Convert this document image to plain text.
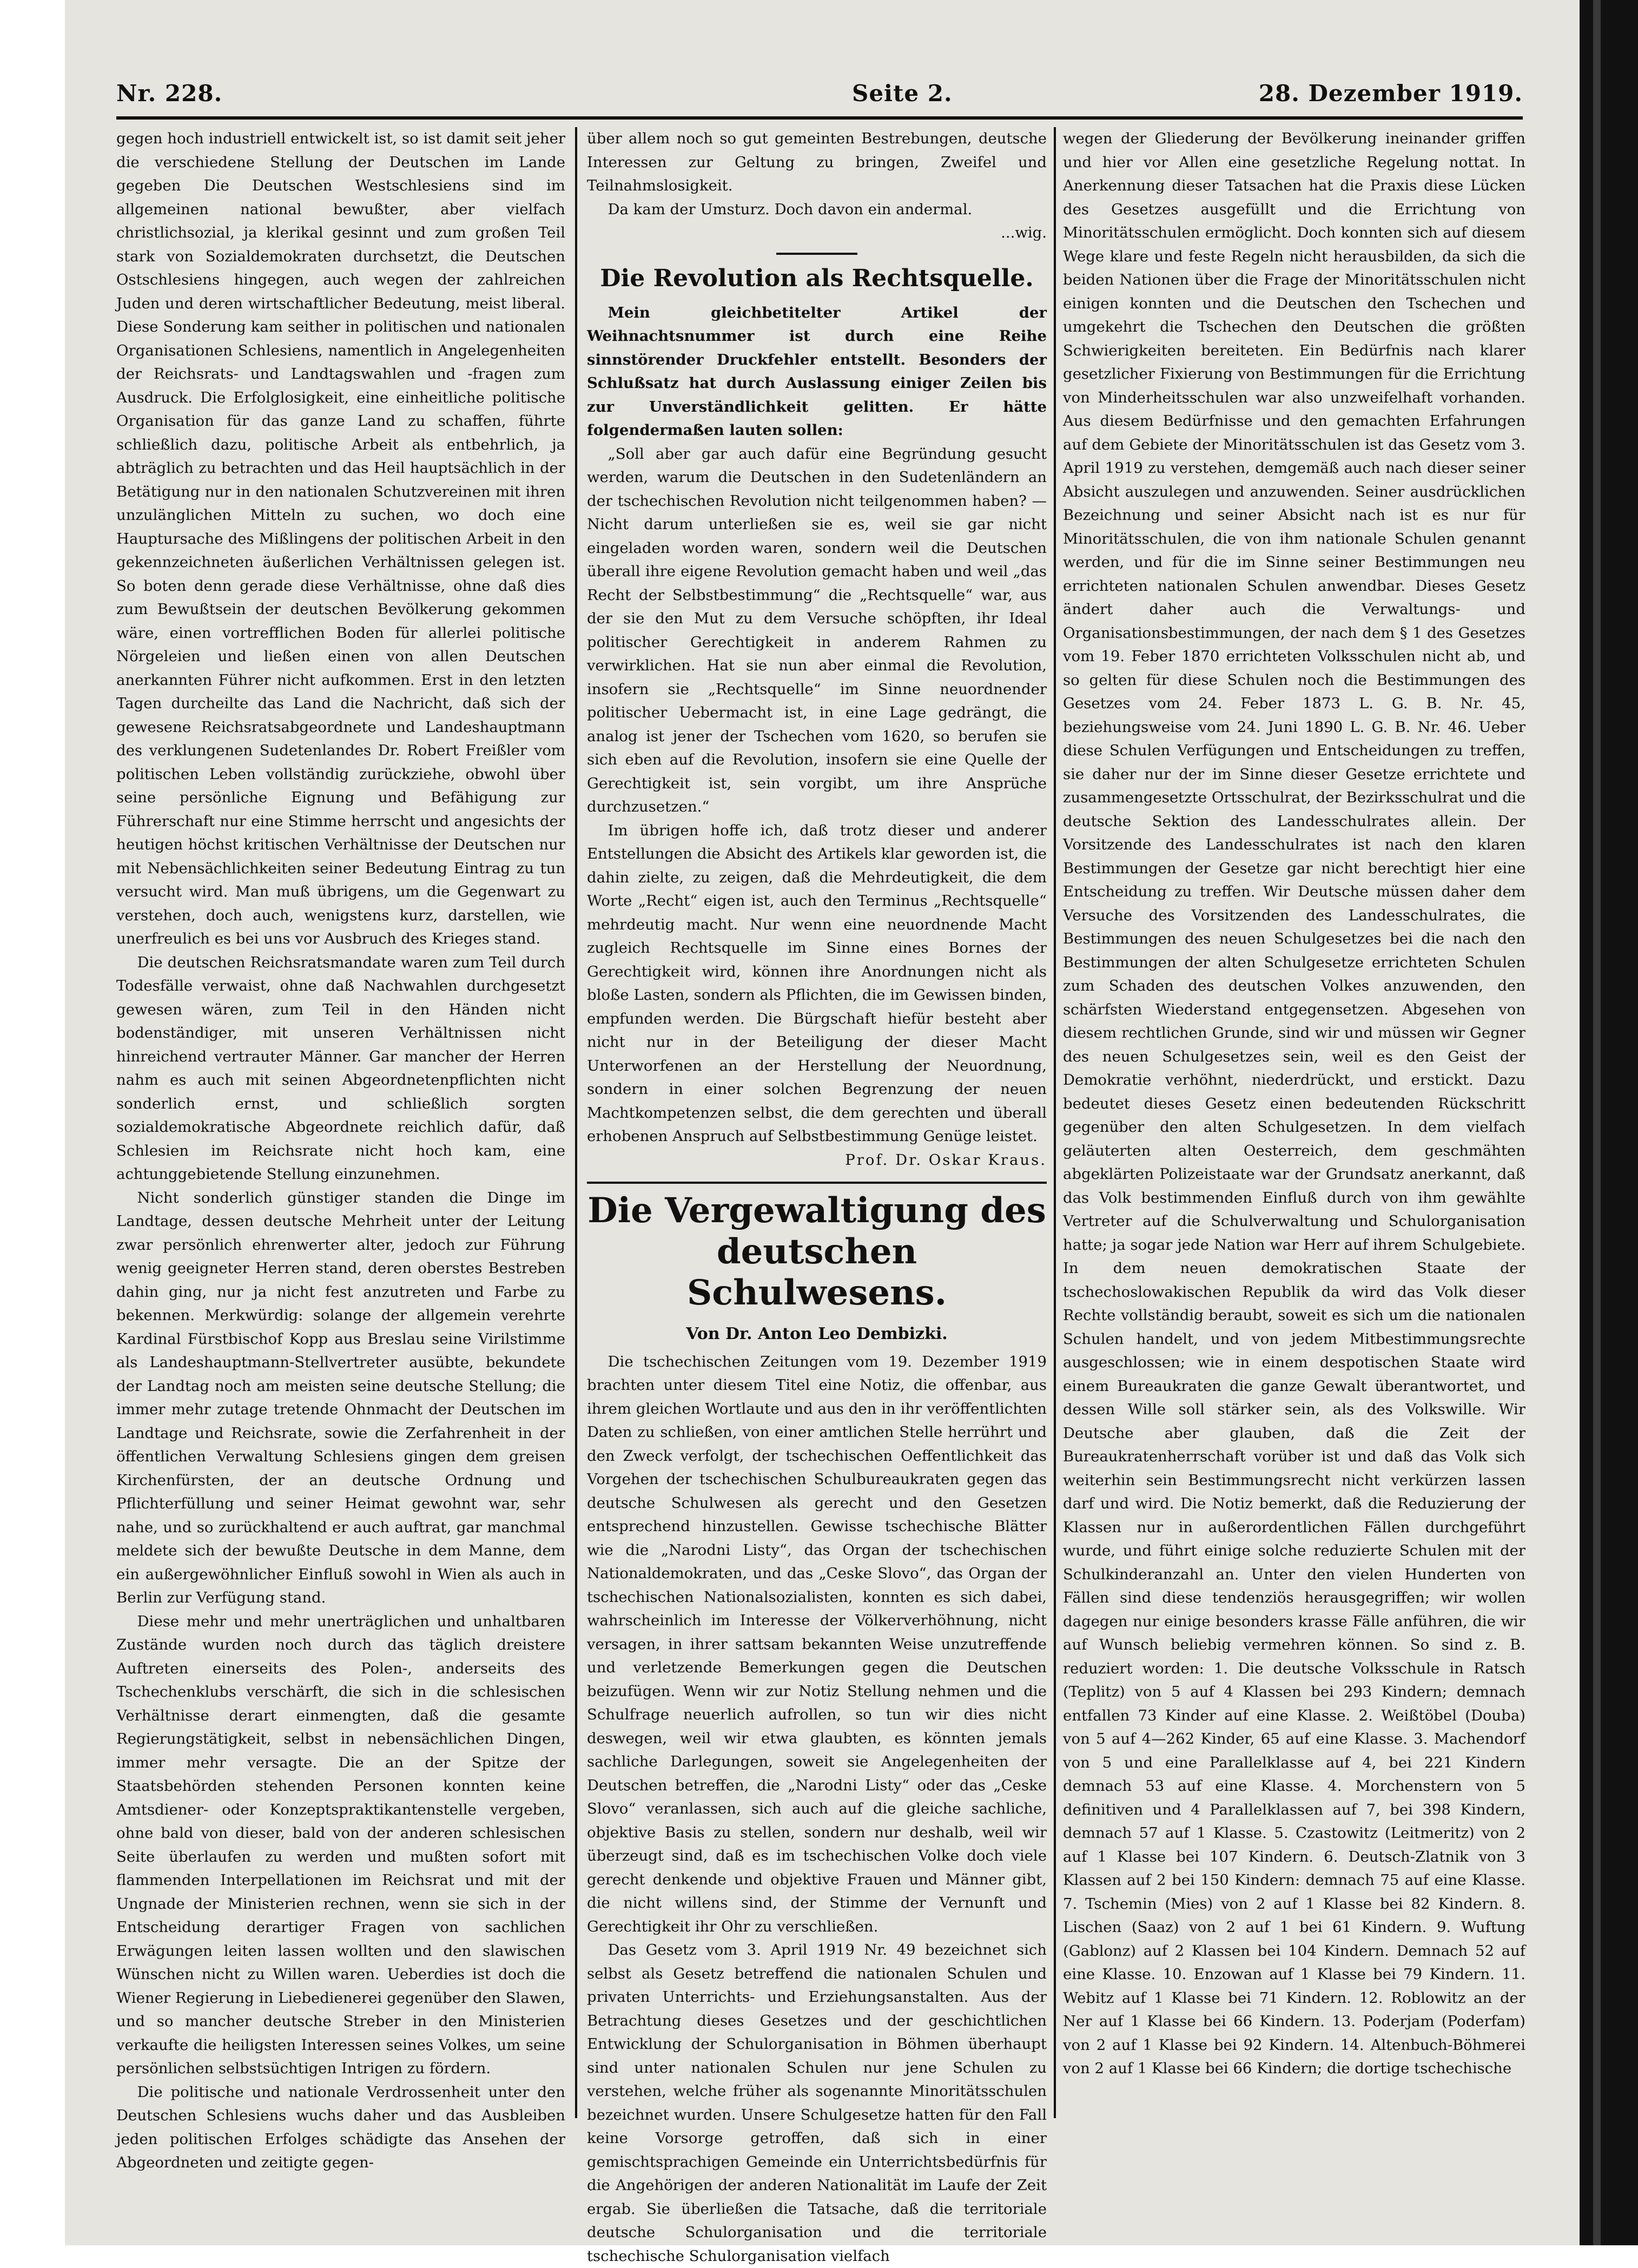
Nr. 228.	Seite 2.	28. Dezember 1919.

gegen hoch industriell entwickelt ist, so ist damit seit jeher die verschiedene Stellung der Deutschen im Lande gegeben Die Deutschen Westschlesiens sind im allgemeinen national bewußter, aber vielfach christlichsozial, ja klerikal gesinnt und zum großen Teil stark von Sozialdemokraten durchsetzt, die Deutschen Ostschlesiens hingegen, auch wegen der zahlreichen Juden und deren wirtschaftlicher Bedeutung, meist liberal. Diese Sonderung kam seither in politischen und nationalen Organisationen Schlesiens, namentlich in Angelegenheiten der Reichsrats- und Landtagswahlen und -fragen zum Ausdruck. Die Erfolglosigkeit, eine einheitliche politische Organisation für das ganze Land zu schaffen, führte schließlich dazu, politische Arbeit als entbehrlich, ja abträglich zu betrachten und das Heil hauptsächlich in der Betätigung nur in den nationalen Schutzvereinen mit ihren unzulänglichen Mitteln zu suchen, wo doch eine Hauptursache des Mißlingens der politischen Arbeit in den gekennzeichneten äußerlichen Verhältnissen gelegen ist. So boten denn gerade diese Verhältnisse, ohne daß dies zum Bewußtsein der deutschen Bevölkerung gekommen wäre, einen vortrefflichen Boden für allerlei politische Nörgeleien und ließen einen von allen Deutschen anerkannten Führer nicht aufkommen. Erst in den letzten Tagen durcheilte das Land die Nachricht, daß sich der gewesene Reichsratsabgeordnete und Landeshauptmann des verklungenen Sudetenlandes Dr. Robert Freißler vom politischen Leben vollständig zurückziehe, obwohl über seine persönliche Eignung und Befähigung zur Führerschaft nur eine Stimme herrscht und angesichts der heutigen höchst kritischen Verhältnisse der Deutschen nur mit Nebensächlichkeiten seiner Bedeutung Eintrag zu tun versucht wird. Man muß übrigens, um die Gegenwart zu verstehen, doch auch, wenigstens kurz, darstellen, wie unerfreulich es bei uns vor Ausbruch des Krieges stand.

Die deutschen Reichsratsmandate waren zum Teil durch Todesfälle verwaist, ohne daß Nachwahlen durchgesetzt gewesen wären, zum Teil in den Händen nicht bodenständiger, mit unseren Verhältnissen nicht hinreichend vertrauter Männer. Gar mancher der Herren nahm es auch mit seinen Abgeordnetenpflichten nicht sonderlich ernst, und schließlich sorgten sozialdemokratische Abgeordnete reichlich dafür, daß Schlesien im Reichsrate nicht hoch kam, eine achtunggebietende Stellung einzunehmen.

Nicht sonderlich günstiger standen die Dinge im Landtage, dessen deutsche Mehrheit unter der Leitung zwar persönlich ehrenwerter alter, jedoch zur Führung wenig geeigneter Herren stand, deren oberstes Bestreben dahin ging, nur ja nicht fest anzutreten und Farbe zu bekennen. Merkwürdig: solange der allgemein verehrte Kardinal Fürstbischof Kopp aus Breslau seine Virilstimme als Landeshauptmann-Stellvertreter ausübte, bekundete der Landtag noch am meisten seine deutsche Stellung; die immer mehr zutage tretende Ohnmacht der Deutschen im Landtage und Reichsrate, sowie die Zerfahrenheit in der öffentlichen Verwaltung Schlesiens gingen dem greisen Kirchenfürsten, der an deutsche Ordnung und Pflichterfüllung und seiner Heimat gewohnt war, sehr nahe, und so zurückhaltend er auch auftrat, gar manchmal meldete sich der bewußte Deutsche in dem Manne, dem ein außergewöhnlicher Einfluß sowohl in Wien als auch in Berlin zur Verfügung stand.

Diese mehr und mehr unerträglichen und unhaltbaren Zustände wurden noch durch das täglich dreistere Auftreten einerseits des Polen-, anderseits des Tschechenklubs verschärft, die sich in die schlesischen Verhältnisse derart einmengten, daß die gesamte Regierungstätigkeit, selbst in nebensächlichen Dingen, immer mehr versagte. Die an der Spitze der Staatsbehörden stehenden Personen konnten keine Amtsdiener- oder Konzeptspraktikantenstelle vergeben, ohne bald von dieser, bald von der anderen schlesischen Seite überlaufen zu werden und mußten sofort mit flammenden Interpellationen im Reichsrat und mit der Ungnade der Ministerien rechnen, wenn sie sich in der Entscheidung derartiger Fragen von sachlichen Erwägungen leiten lassen wollten und den slawischen Wünschen nicht zu Willen waren. Ueberdies ist doch die Wiener Regierung in Liebedienerei gegenüber den Slawen, und so mancher deutsche Streber in den Ministerien verkaufte die heiligsten Interessen seines Volkes, um seine persönlichen selbstsüchtigen Intrigen zu fördern.

Die politische und nationale Verdrossenheit unter den Deutschen Schlesiens wuchs daher und das Ausbleiben jeden politischen Erfolges schädigte das Ansehen der Abgeordneten und zeitigte gegen-

über allem noch so gut gemeinten Bestrebungen, deutsche Interessen zur Geltung zu bringen, Zweifel und Teilnahmslosigkeit.

Da kam der Umsturz. Doch davon ein andermal.

...wig.

Die Revolution als Rechtsquelle.

Mein gleichbetitelter Artikel der Weihnachtsnummer ist durch eine Reihe sinnstörender Druckfehler entstellt. Besonders der Schlußsatz hat durch Auslassung einiger Zeilen bis zur Unverständlichkeit gelitten. Er hätte folgendermaßen lauten sollen:

„Soll aber gar auch dafür eine Begründung gesucht werden, warum die Deutschen in den Sudetenländern an der tschechischen Revolution nicht teilgenommen haben? — Nicht darum unterließen sie es, weil sie gar nicht eingeladen worden waren, sondern weil die Deutschen überall ihre eigene Revolution gemacht haben und weil „das Recht der Selbstbestimmung“ die „Rechtsquelle“ war, aus der sie den Mut zu dem Versuche schöpften, ihr Ideal politischer Gerechtigkeit in anderem Rahmen zu verwirklichen. Hat sie nun aber einmal die Revolution, insofern sie „Rechtsquelle“ im Sinne neuordnender politischer Uebermacht ist, in eine Lage gedrängt, die analog ist jener der Tschechen vom 1620, so berufen sie sich eben auf die Revolution, insofern sie eine Quelle der Gerechtigkeit ist, sein vorgibt, um ihre Ansprüche durchzusetzen.“

Im übrigen hoffe ich, daß trotz dieser und anderer Entstellungen die Absicht des Artikels klar geworden ist, die dahin zielte, zu zeigen, daß die Mehrdeutigkeit, die dem Worte „Recht“ eigen ist, auch den Terminus „Rechtsquelle“ mehrdeutig macht. Nur wenn eine neuordnende Macht zugleich Rechtsquelle im Sinne eines Bornes der Gerechtigkeit wird, können ihre Anordnungen nicht als bloße Lasten, sondern als Pflichten, die im Gewissen binden, empfunden werden. Die Bürgschaft hiefür besteht aber nicht nur in der Beteiligung der dieser Macht Unterworfenen an der Herstellung der Neuordnung, sondern in einer solchen Begrenzung der neuen Machtkompetenzen selbst, die dem gerechten und überall erhobenen Anspruch auf Selbstbestimmung Genüge leistet.

Prof. Dr. Oskar Kraus.

Die Vergewaltigung des deutschen Schulwesens.
Von Dr. Anton Leo Dembizki.

Die tschechischen Zeitungen vom 19. Dezember 1919 brachten unter diesem Titel eine Notiz, die offenbar, aus ihrem gleichen Wortlaute und aus den in ihr veröffentlichten Daten zu schließen, von einer amtlichen Stelle herrührt und den Zweck verfolgt, der tschechischen Oeffentlichkeit das Vorgehen der tschechischen Schulbureaukraten gegen das deutsche Schulwesen als gerecht und den Gesetzen entsprechend hinzustellen. Gewisse tschechische Blätter wie die „Narodni Listy“, das Organ der tschechischen Nationaldemokraten, und das „Ceske Slovo“, das Organ der tschechischen Nationalsozialisten, konnten es sich dabei, wahrscheinlich im Interesse der Völkerverhöhnung, nicht versagen, in ihrer sattsam bekannten Weise unzutreffende und verletzende Bemerkungen gegen die Deutschen beizufügen. Wenn wir zur Notiz Stellung nehmen und die Schulfrage neuerlich aufrollen, so tun wir dies nicht deswegen, weil wir etwa glaubten, es könnten jemals sachliche Darlegungen, soweit sie Angelegenheiten der Deutschen betreffen, die „Narodni Listy“ oder das „Ceske Slovo“ veranlassen, sich auch auf die gleiche sachliche, objektive Basis zu stellen, sondern nur deshalb, weil wir überzeugt sind, daß es im tschechischen Volke doch viele gerecht denkende und objektive Frauen und Männer gibt, die nicht willens sind, der Stimme der Vernunft und Gerechtigkeit ihr Ohr zu verschließen.

Das Gesetz vom 3. April 1919 Nr. 49 bezeichnet sich selbst als Gesetz betreffend die nationalen Schulen und privaten Unterrichts- und Erziehungsanstalten. Aus der Betrachtung dieses Gesetzes und der geschichtlichen Entwicklung der Schulorganisation in Böhmen überhaupt sind unter nationalen Schulen nur jene Schulen zu verstehen, welche früher als sogenannte Minoritätsschulen bezeichnet wurden. Unsere Schulgesetze hatten für den Fall keine Vorsorge getroffen, daß sich in einer gemischtsprachigen Gemeinde ein Unterrichtsbedürfnis für die Angehörigen der anderen Nationalität im Laufe der Zeit ergab. Sie überließen die Tatsache, daß die territoriale deutsche Schulorganisation und die territoriale tschechische Schulorganisation vielfach

wegen der Gliederung der Bevölkerung ineinander griffen und hier vor Allen eine gesetzliche Regelung nottat. In Anerkennung dieser Tatsachen hat die Praxis diese Lücken des Gesetzes ausgefüllt und die Errichtung von Minoritätsschulen ermöglicht. Doch konnten sich auf diesem Wege klare und feste Regeln nicht herausbilden, da sich die beiden Nationen über die Frage der Minoritätsschulen nicht einigen konnten und die Deutschen den Tschechen und umgekehrt die Tschechen den Deutschen die größten Schwierigkeiten bereiteten. Ein Bedürfnis nach klarer gesetzlicher Fixierung von Bestimmungen für die Errichtung von Minderheitsschulen war also unzweifelhaft vorhanden. Aus diesem Bedürfnisse und den gemachten Erfahrungen auf dem Gebiete der Minoritätsschulen ist das Gesetz vom 3. April 1919 zu verstehen, demgemäß auch nach dieser seiner Absicht auszulegen und anzuwenden. Seiner ausdrücklichen Bezeichnung und seiner Absicht nach ist es nur für Minoritätsschulen, die von ihm nationale Schulen genannt werden, und für die im Sinne seiner Bestimmungen neu errichteten nationalen Schulen anwendbar. Dieses Gesetz ändert daher auch die Verwaltungs- und Organisationsbestimmungen, der nach dem § 1 des Gesetzes vom 19. Feber 1870 errichteten Volksschulen nicht ab, und so gelten für diese Schulen noch die Bestimmungen des Gesetzes vom 24. Feber 1873 L. G. B. Nr. 45, beziehungsweise vom 24. Juni 1890 L. G. B. Nr. 46. Ueber diese Schulen Verfügungen und Entscheidungen zu treffen, sie daher nur der im Sinne dieser Gesetze errichtete und zusammengesetzte Ortsschulrat, der Bezirksschulrat und die deutsche Sektion des Landesschulrates allein. Der Vorsitzende des Landesschulrates ist nach den klaren Bestimmungen der Gesetze gar nicht berechtigt hier eine Entscheidung zu treffen. Wir Deutsche müssen daher dem Versuche des Vorsitzenden des Landesschulrates, die Bestimmungen des neuen Schulgesetzes bei die nach den Bestimmungen der alten Schulgesetze errichteten Schulen zum Schaden des deutschen Volkes anzuwenden, den schärfsten Wiederstand entgegensetzen. Abgesehen von diesem rechtlichen Grunde, sind wir und müssen wir Gegner des neuen Schulgesetzes sein, weil es den Geist der Demokratie verhöhnt, niederdrückt, und erstickt. Dazu bedeutet dieses Gesetz einen bedeutenden Rückschritt gegenüber den alten Schulgesetzen. In dem vielfach geläuterten alten Oesterreich, dem geschmähten abgeklärten Polizeistaate war der Grundsatz anerkannt, daß das Volk bestimmenden Einfluß durch von ihm gewählte Vertreter auf die Schulverwaltung und Schulorganisation hatte; ja sogar jede Nation war Herr auf ihrem Schulgebiete. In dem neuen demokratischen Staate der tschechoslowakischen Republik da wird das Volk dieser Rechte vollständig beraubt, soweit es sich um die nationalen Schulen handelt, und von jedem Mitbestimmungsrechte ausgeschlossen; wie in einem despotischen Staate wird einem Bureaukraten die ganze Gewalt überantwortet, und dessen Wille soll stärker sein, als des Volkswille. Wir Deutsche aber glauben, daß die Zeit der Bureaukratenherrschaft vorüber ist und daß das Volk sich weiterhin sein Bestimmungsrecht nicht verkürzen lassen darf und wird. Die Notiz bemerkt, daß die Reduzierung der Klassen nur in außerordentlichen Fällen durchgeführt wurde, und führt einige solche reduzierte Schulen mit der Schulkinderanzahl an. Unter den vielen Hunderten von Fällen sind diese tendenziös herausgegriffen; wir wollen dagegen nur einige besonders krasse Fälle anführen, die wir auf Wunsch beliebig vermehren können. So sind z. B. reduziert worden: 1. Die deutsche Volksschule in Ratsch (Teplitz) von 5 auf 4 Klassen bei 293 Kindern; demnach entfallen 73 Kinder auf eine Klasse. 2. Weißtöbel (Douba) von 5 auf 4—262 Kinder, 65 auf eine Klasse. 3. Machendorf von 5 und eine Parallelklasse auf 4, bei 221 Kindern demnach 53 auf eine Klasse. 4. Morchenstern von 5 definitiven und 4 Parallelklassen auf 7, bei 398 Kindern, demnach 57 auf 1 Klasse. 5. Czastowitz (Leitmeritz) von 2 auf 1 Klasse bei 107 Kindern. 6. Deutsch-Zlatnik von 3 Klassen auf 2 bei 150 Kindern: demnach 75 auf eine Klasse. 7. Tschemin (Mies) von 2 auf 1 Klasse bei 82 Kindern. 8. Lischen (Saaz) von 2 auf 1 bei 61 Kindern. 9. Wuftung (Gablonz) auf 2 Klassen bei 104 Kindern. Demnach 52 auf eine Klasse. 10. Enzowan auf 1 Klasse bei 79 Kindern. 11. Webitz auf 1 Klasse bei 71 Kindern. 12. Roblowitz an der Ner auf 1 Klasse bei 66 Kindern. 13. Poderjam (Poderfam) von 2 auf 1 Klasse bei 92 Kindern. 14. Altenbuch-Böhmerei von 2 auf 1 Klasse bei 66 Kindern; die dortige tschechische
